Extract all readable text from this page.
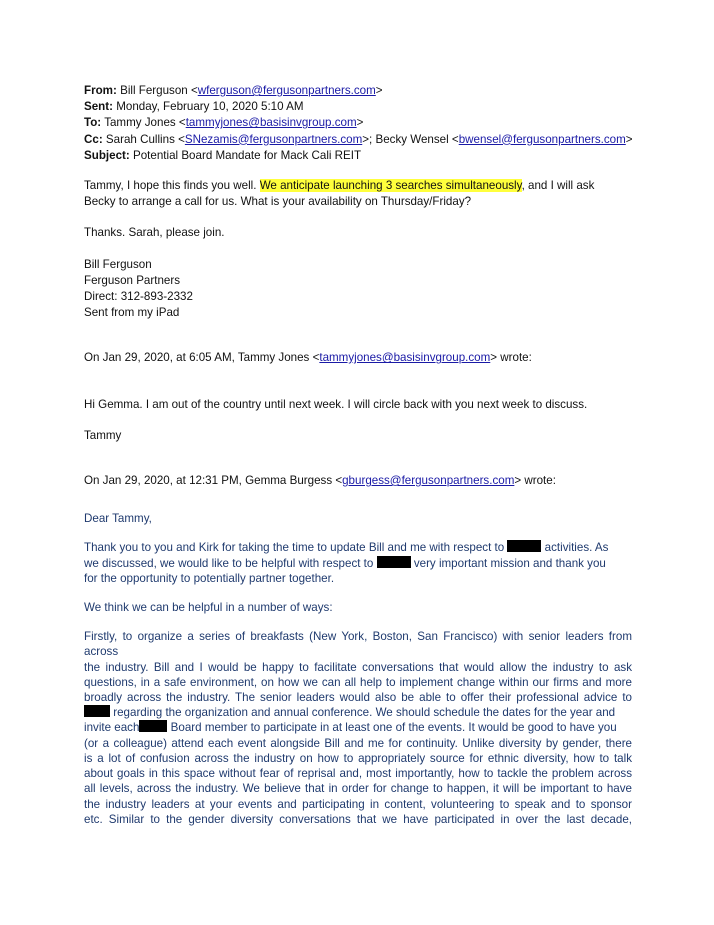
From: Bill Ferguson <wferguson@fergusonpartners.com>
Sent: Monday, February 10, 2020 5:10 AM
To: Tammy Jones <tammyjones@basisinvgroup.com>
Cc: Sarah Cullins <SNezamis@fergusonpartners.com>; Becky Wensel <bwensel@fergusonpartners.com>
Subject: Potential Board Mandate for Mack Cali REIT
Tammy, I hope this finds you well. We anticipate launching 3 searches simultaneously, and I will ask
Becky to arrange a call for us. What is your availability on Thursday/Friday?
Thanks. Sarah, please join.
Bill Ferguson
Ferguson Partners
Direct: 312-893-2332
Sent from my iPad
On Jan 29, 2020, at 6:05 AM, Tammy Jones <tammyjones@basisinvgroup.com> wrote:
Hi Gemma. I am out of the country until next week. I will circle back with you next week to discuss.
Tammy
On Jan 29, 2020, at 12:31 PM, Gemma Burgess <gburgess@fergusonpartners.com> wrote:
Dear Tammy,
Thank you to you and Kirk for taking the time to update Bill and me with respect to	activities. As
we discussed, we would like to be helpful with respect to	very important mission and thank you
for the opportunity to potentially partner together.
We think we can be helpful in a number of ways:
Firstly, to organize a series of breakfasts (New York, Boston, San Francisco) with senior leaders from across
the industry. Bill and I would be happy to facilitate conversations that would allow the industry to ask
questions, in a safe environment, on how we can all help to implement change within our firms and more
broadly across the industry. The senior leaders would also be able to offer their professional advice to
regarding the organization and annual conference. We should schedule the dates for the year and
invite each	Board member to participate in at least one of the events. It would be good to have you
(or a colleague) attend each event alongside Bill and me for continuity. Unlike diversity by gender, there
is a lot of confusion across the industry on how to appropriately source for ethnic diversity, how to talk
about goals in this space without fear of reprisal and, most importantly, how to tackle the problem across
all levels, across the industry. We believe that in order for change to happen, it will be important to have
the industry leaders at your events and participating in content, volunteering to speak and to sponsor
etc. Similar to the gender diversity conversations that we have participated in over the last decade,
